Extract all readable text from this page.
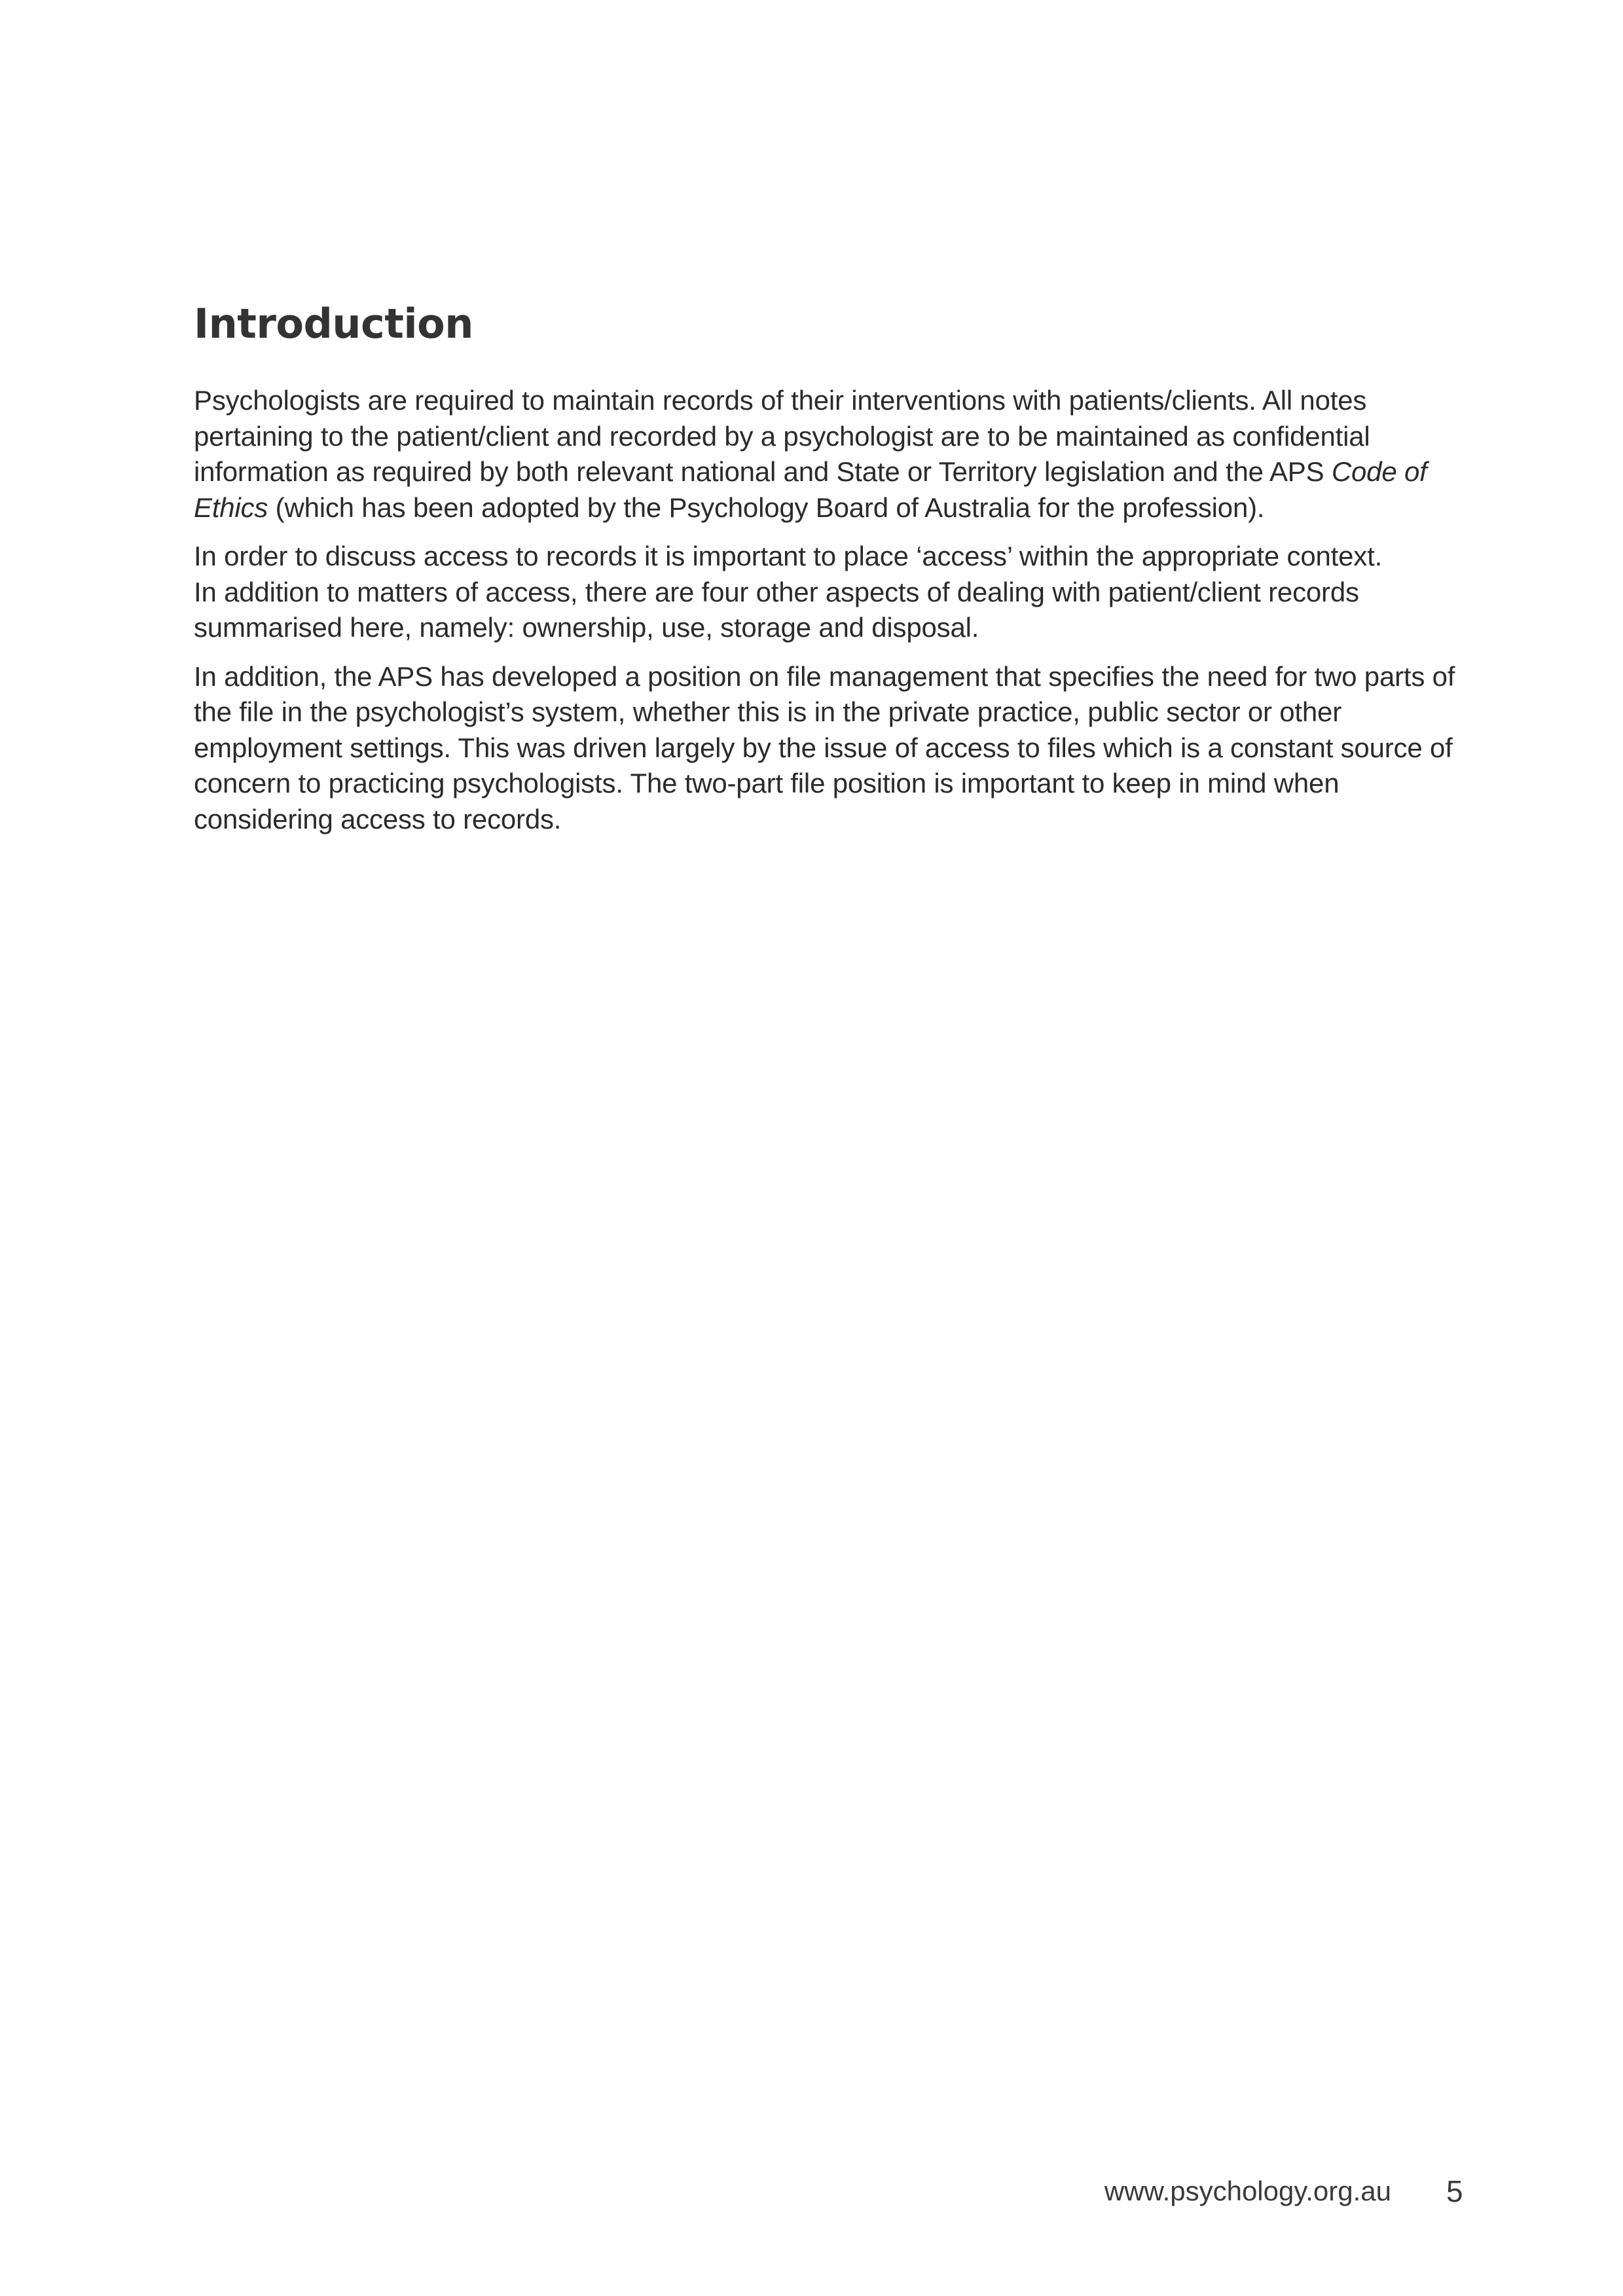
Introduction

Psychologists are required to maintain records of their interventions with patients/clients. All notes pertaining to the patient/client and recorded by a psychologist are to be maintained as confidential information as required by both relevant national and State or Territory legislation and the APS Code of Ethics (which has been adopted by the Psychology Board of Australia for the profession).

In order to discuss access to records it is important to place ‘access’ within the appropriate context.
In addition to matters of access, there are four other aspects of dealing with patient/client records summarised here, namely: ownership, use, storage and disposal.

In addition, the APS has developed a position on file management that specifies the need for two parts of the file in the psychologist’s system, whether this is in the private practice, public sector or other employment settings. This was driven largely by the issue of access to files which is a constant source of concern to practicing psychologists. The two-part file position is important to keep in mind when considering access to records.

www.psychology.org.au 5
